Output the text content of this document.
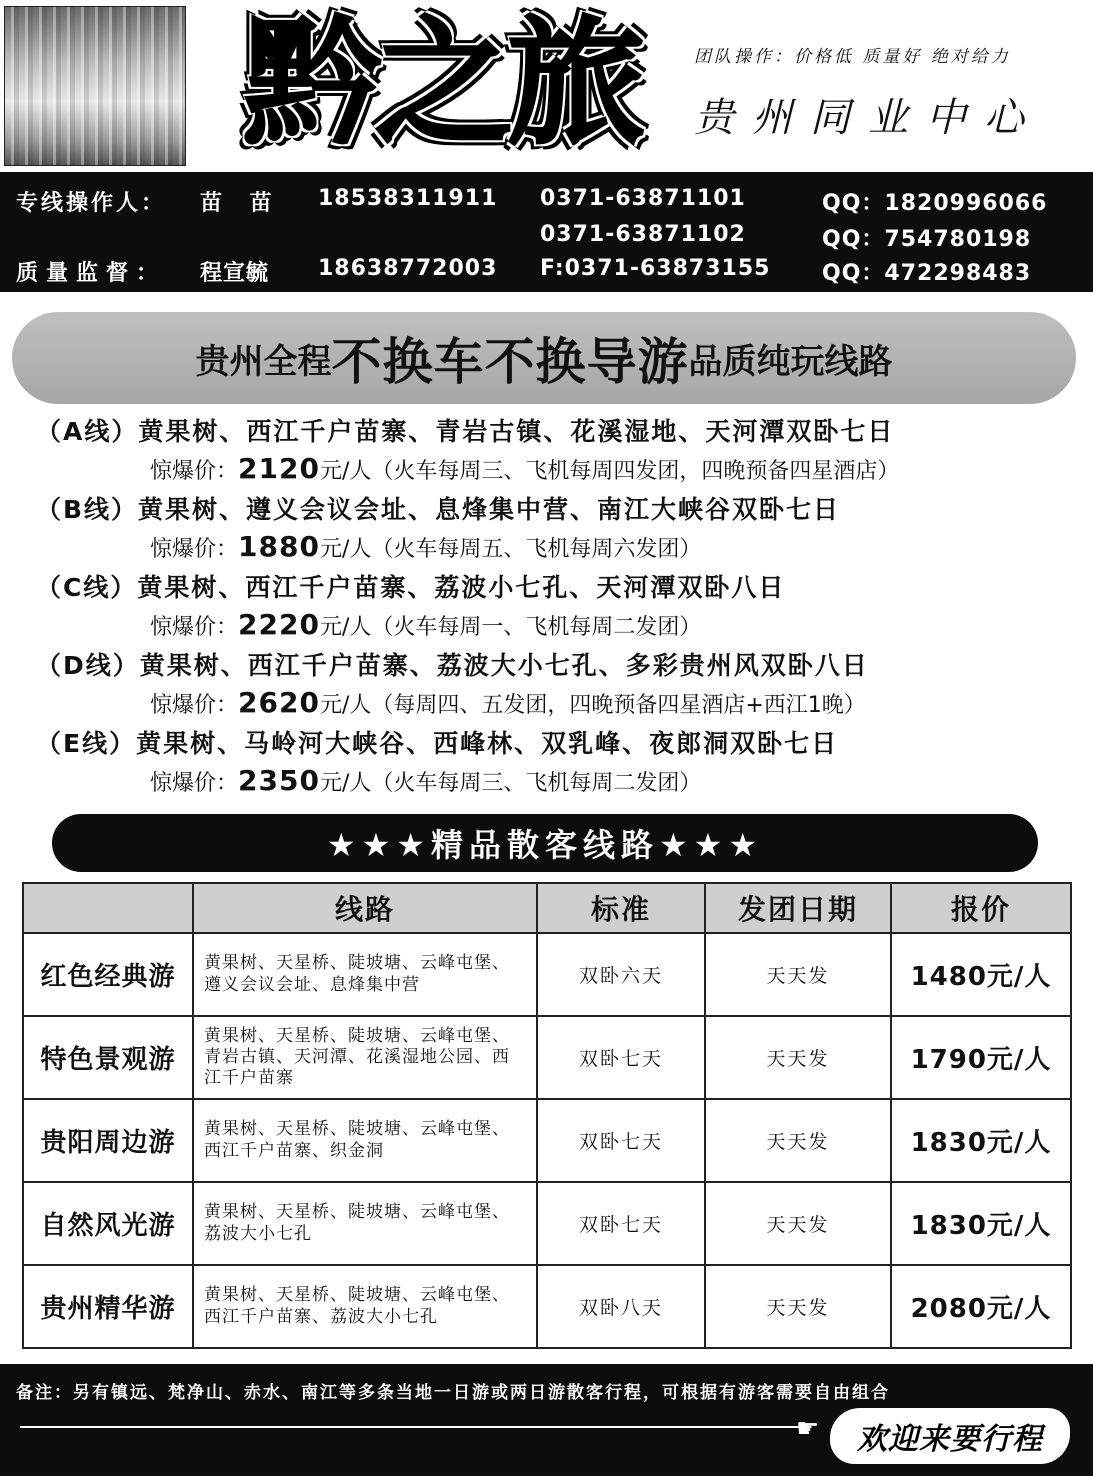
黔之旅	团队操作：价格低 质量好 绝对给力
贵州同业中心
专线操作人： 苗 苗 18538311911 0371-63871101	QQ：1820996066
0371-63871102	QQ：754780198
质量监督： 程宣毓 18638772003 F:0371-63873155 QQ：472298483
贵州全程 不换车不换导游 品质纯玩线路
（A线）黄果树、西江千户苗寨、青岩古镇、花溪湿地、天河潭双卧七日
惊爆价：2120元/人（火车每周三、飞机每周四发团，四晚预备四星酒店）
（B线）黄果树、遵义会议会址、息烽集中营、南江大峡谷双卧七日
惊爆价：1880元/人（火车每周五、飞机每周六发团）
（C线）黄果树、西江千户苗寨、荔波小七孔、天河潭双卧八日
惊爆价：2220元/人（火车每周一、飞机每周二发团）
（D线）黄果树、西江千户苗寨、荔波大小七孔、多彩贵州风双卧八日
惊爆价：2620元/人（每周四、五发团，四晚预备四星酒店+西江1晚）
（E线）黄果树、马岭河大峡谷、西峰林、双乳峰、夜郎洞双卧七日
惊爆价：2350元/人（火车每周三、飞机每周二发团）
★★★精品散客线路★★★
	线路	标准	发团日期	报价
红色经典游	黄果树、天星桥、陡坡塘、云峰屯堡、遵义会议会址、息烽集中营	双卧六天	天天发	1480元/人
特色景观游	黄果树、天星桥、陡坡塘、云峰屯堡、青岩古镇、天河潭、花溪湿地公园、西江千户苗寨	双卧七天	天天发	1790元/人
贵阳周边游	黄果树、天星桥、陡坡塘、云峰屯堡、西江千户苗寨、织金洞	双卧七天	天天发	1830元/人
自然风光游	黄果树、天星桥、陡坡塘、云峰屯堡、荔波大小七孔	双卧七天	天天发	1830元/人
贵州精华游	黄果树、天星桥、陡坡塘、云峰屯堡、西江千户苗寨、荔波大小七孔	双卧八天	天天发	2080元/人
备注：另有镇远、梵净山、赤水、南江等多条当地一日游或两日游散客行程，可根据有游客需要自由组合
☛	欢迎来要行程
